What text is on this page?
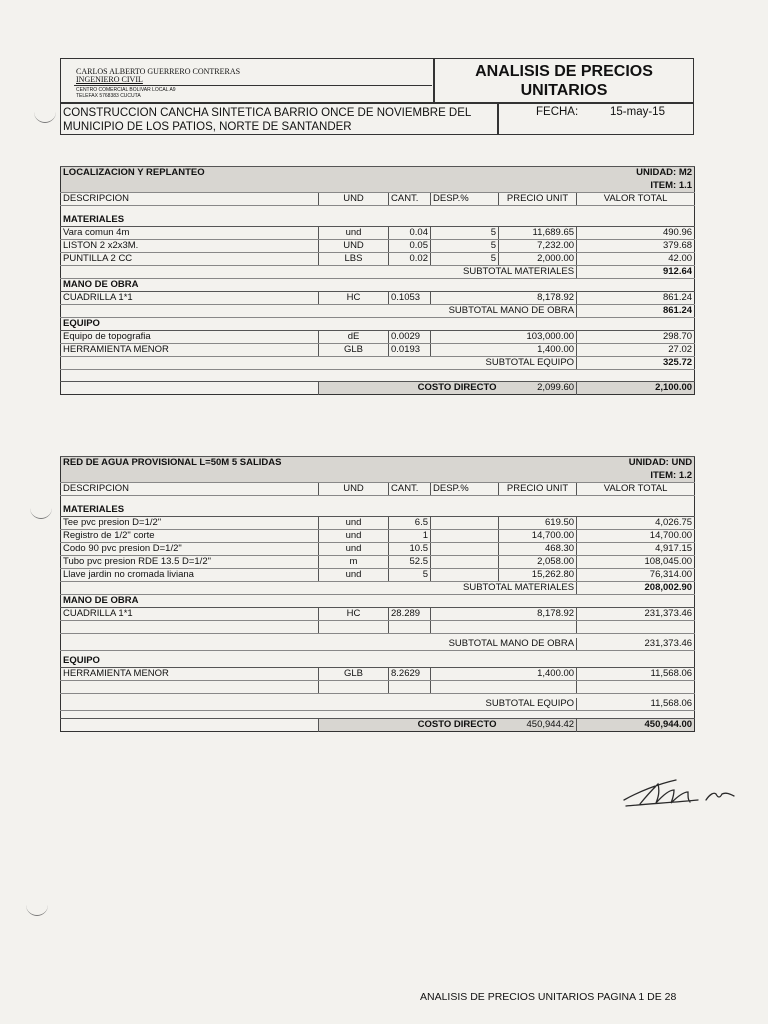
CARLOS ALBERTO GUERRERO CONTRERAS
INGENIERO CIVIL
CENTRO COMERCIAL BOLIVAR LOCAL A9
TELEFAX 5768383 CUCUTA
ANALISIS DE PRECIOS
UNITARIOS
CONSTRUCCION CANCHA SINTETICA BARRIO ONCE DE NOVIEMBRE DEL
MUNICIPIO DE LOS PATIOS, NORTE DE SANTANDER
FECHA:	15-may-15
LOCALIZACION Y REPLANTEO					UNIDAD: M2
					ITEM: 1.1
DESCRIPCION	UND	CANT.	DESP.%	PRECIO UNIT	VALOR TOTAL

MATERIALES					
Vara comun 4m	und	0.04	5	11,689.65	490.96
LISTON 2 x2x3M.	UND	0.05	5	7,232.00	379.68
PUNTILLA 2 CC	LBS	0.02	5	2,000.00	42.00
SUBTOTAL MATERIALES					912.64
MANO DE OBRA					
CUADRILLA 1*1	HC	0.1053		8,178.92	861.24
SUBTOTAL MANO DE OBRA					861.24
EQUIPO					
Equipo de topografia	dE	0.0029		103,000.00	298.70
HERRAMIENTA MENOR	GLB	0.0193		1,400.00	27.02
SUBTOTAL EQUIPO					325.72

	COSTO DIRECTO			2,099.60	2,100.00
RED DE AGUA PROVISIONAL L=50M 5 SALIDAS					UNIDAD: UND
					ITEM: 1.2
DESCRIPCION	UND	CANT.	DESP.%	PRECIO UNIT	VALOR TOTAL

MATERIALES					
Tee pvc presion D=1/2"	und	6.5		619.50	4,026.75
Registro de 1/2" corte	und	1		14,700.00	14,700.00
Codo 90 pvc presion D=1/2"	und	10.5		468.30	4,917.15
Tubo pvc presion RDE 13.5 D=1/2"	m	52.5		2,058.00	108,045.00
Llave jardin no cromada liviana	und	5		15,262.80	76,314.00
SUBTOTAL MATERIALES					208,002.90
MANO DE OBRA					
CUADRILLA 1*1	HC	28.289		8,178.92	231,373.46

SUBTOTAL MANO DE OBRA					231,373.46

EQUIPO					
HERRAMIENTA MENOR	GLB	8.2629		1,400.00	11,568.06

SUBTOTAL EQUIPO					11,568.06

	COSTO DIRECTO			450,944.42	450,944.00
ANALISIS DE PRECIOS UNITARIOS PAGINA 1 DE 28
